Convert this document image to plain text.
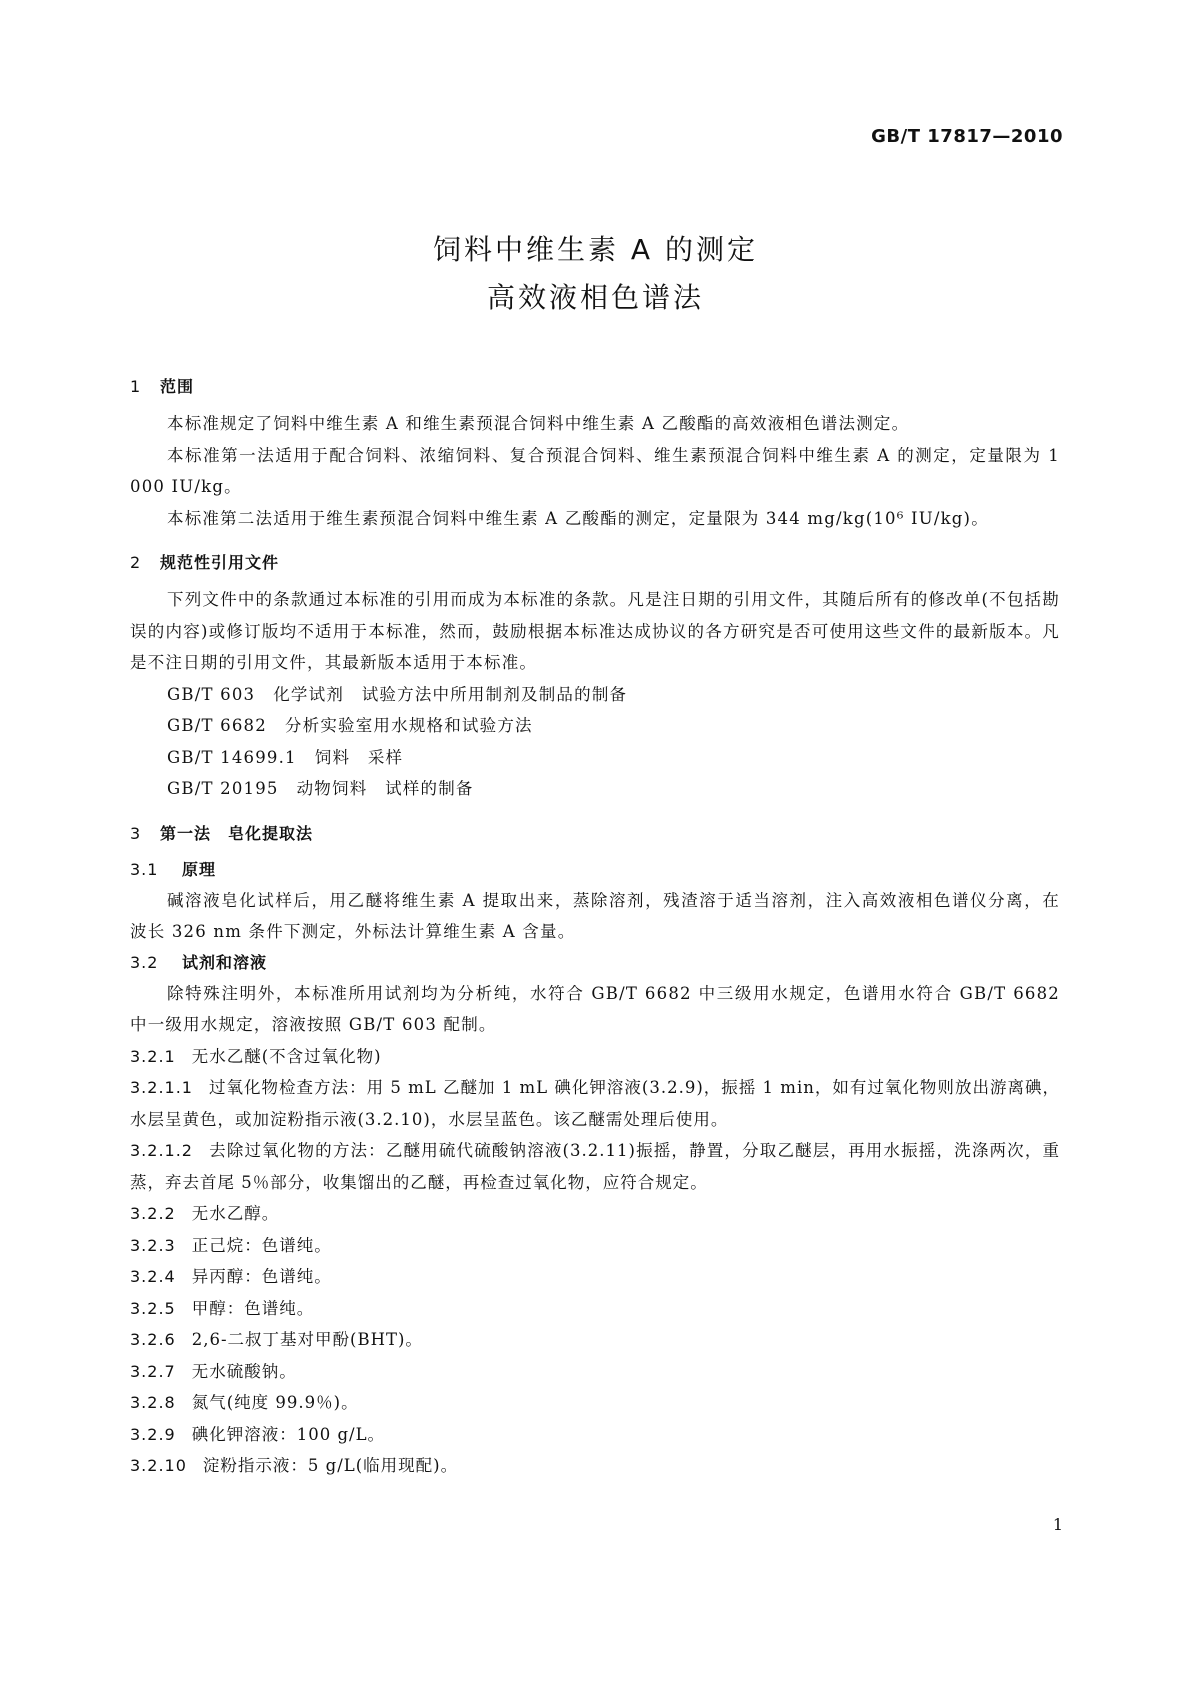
GB/T 17817—2010
饲料中维生素 A 的测定
高效液相色谱法
1 范围

本标准规定了饲料中维生素 A 和维生素预混合饲料中维生素 A 乙酸酯的高效液相色谱法测定。

本标准第一法适用于配合饲料、浓缩饲料、复合预混合饲料、维生素预混合饲料中维生素 A 的测定，定量限为 1 000 IU/kg。

本标准第二法适用于维生素预混合饲料中维生素 A 乙酸酯的测定，定量限为 344 mg/kg(10⁶ IU/kg)。

2 规范性引用文件

下列文件中的条款通过本标准的引用而成为本标准的条款。凡是注日期的引用文件，其随后所有的修改单(不包括勘误的内容)或修订版均不适用于本标准，然而，鼓励根据本标准达成协议的各方研究是否可使用这些文件的最新版本。凡是不注日期的引用文件，其最新版本适用于本标准。

GB/T 603 化学试剂　试验方法中所用制剂及制品的制备
GB/T 6682 分析实验室用水规格和试验方法
GB/T 14699.1 饲料　采样
GB/T 20195 动物饲料　试样的制备
3 第一法　皂化提取法
3.1 原理

碱溶液皂化试样后，用乙醚将维生素 A 提取出来，蒸除溶剂，残渣溶于适当溶剂，注入高效液相色谱仪分离，在波长 326 nm 条件下测定，外标法计算维生素 A 含量。

3.2 试剂和溶液

除特殊注明外，本标准所用试剂均为分析纯，水符合 GB/T 6682 中三级用水规定，色谱用水符合 GB/T 6682 中一级用水规定，溶液按照 GB/T 603 配制。

3.2.1 无水乙醚(不含过氧化物)
3.2.1.1 过氧化物检查方法：用 5 mL 乙醚加 1 mL 碘化钾溶液(3.2.9)，振摇 1 min，如有过氧化物则放出游离碘，水层呈黄色，或加淀粉指示液(3.2.10)，水层呈蓝色。该乙醚需处理后使用。
3.2.1.2 去除过氧化物的方法：乙醚用硫代硫酸钠溶液(3.2.11)振摇，静置，分取乙醚层，再用水振摇，洗涤两次，重蒸，弃去首尾 5％部分，收集馏出的乙醚，再检查过氧化物，应符合规定。
3.2.2 无水乙醇。
3.2.3 正己烷：色谱纯。
3.2.4 异丙醇：色谱纯。
3.2.5 甲醇：色谱纯。
3.2.6 2,6-二叔丁基对甲酚(BHT)。
3.2.7 无水硫酸钠。
3.2.8 氮气(纯度 99.9％)。
3.2.9 碘化钾溶液：100 g/L。
3.2.10 淀粉指示液：5 g/L(临用现配)。
1
